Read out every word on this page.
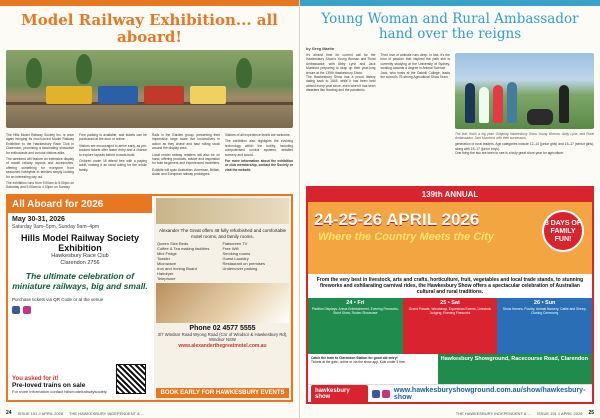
Model Railway Exhibition... all aboard!

The Hills Model Railway Society Inc. is once again bringing its much-loved Model Railway Exhibition to the Hawkesbury Race Club in Clarendon, promising a fascinating showcase for enthusiasts and curious visitors alike.

The weekend will feature an extensive display of model railway layouts and accessories, offering something for everyone from seasoned hobbyists to families simply looking for an interesting day out.

The exhibition runs from 9.00am to 5.00pm on Saturday and 9.00am to 4.00pm on Sunday.

Free parking is available, and tickets can be purchased at the door or online.

Visitors are encouraged to arrive early, as pre-booked tickets offer faster entry and a chance to explore layouts before crowds build.

Children under 16 attend free with a paying adult, making it an ideal outing for the whole family.

Rails in the Garden group, presenting their impressive large scale live locomotives in action as they chase and haul rolling stock around the display area.

Local model railway retailers will also be on hand, offering products, advice and inspiration for both beginners and experienced modellers.

Exhibits will span Australian, American, British, Asian and European railway prototypes.

Visitors of all experience levels are welcome.

The exhibition also highlights the evolving technology within the hobby, including computerised control systems, detailed scenery and sound.

For more information about the exhibition or club membership, contact the Society or visit the website.

All Aboard for 2026
May 30-31, 2026
Saturday 9am–5pm, Sunday 9am–4pm
Hills Model Railway Society Exhibition
Hawkesbury Race Club
Clarendon 2756
The ultimate celebration of miniature railways, big and small.
Purchase tickets via QR Code or at the venue
You asked for it!
Pre-loved trains on sale
For more information contact hillsmodelrailwaysociety
Alexander The Great offers 48 fully refurbished and comfortable motel rooms, and family rooms.
Queen Size Beds
Coffee & Tea making facilities
Mini Fridge
Toaster
Microwave
Iron and Ironing Board
Hairdryer
Telephone
Flatscreen TV
Free Wifi
Smoking rooms
Guest Laundry
Restaurant on premises
Undercover parking
Phone 02 4577 5555
3/7 Windsor Road Wyong Road (Cnr of Windsor & Hawkesbury Rd), Windsor NSW
www.alexanderthegreatmotel.com.au
BOOK EARLY FOR HAWKESBURY EVENTS
24 ISSUE 191 // APRIL 2026 THE HAWKESBURY INDEPENDENT & ...
Young Woman and Rural Ambassador hand over the reigns
by Greg Martin

It's almost time for current call for the Hawkesbury Show's Young Woman and Rural Ambassador, with Abby Lyne and Jack Mumford preparing to wrap up their year-long tenure at the 139th Hawkesbury Show.

The Hawkesbury Show has a proud history dating back to 1845, while it has been held almost every year since, even when it has seen disasters like flooding and the pandemic.

Their love of animals runs deep. In fact, it's the kind of passion that inspired the path she is currently studying at the University of Sydney, working towards a degree in Animal Science.

Jack, who hosts at the Oakhill College, leads the school's 75-strong Agricultural Show Team.

The leaf, that's a big year! Outgoing Hawkesbury Show Young Woman, Abby Lyne, and Rural Ambassador, Jack Mumford, with their successors.

generation of rural leaders. Age categories include 12–14 (junior girls) and 15–17 (senior girls), along with 15–17 (junior boys).

One thing the two are keen to see is a truly great show year for agriculture.

139th ANNUAL
24-25-26 APRIL 2026
Where the Country Meets the City
3 DAYS OF FAMILY FUN!
From the very best in livestock, arts and crafts, horticulture, fruit, vegetables and local trade stands, to stunning fireworks and exhilarating carnival rides, the Hawkesbury Show offers a spectacular celebration of Australian cultural and rural traditions.
24 • Fri

Pavilion Displays, Arena Entertainment, Evening Fireworks, Stunt Show, Rodeo Showcase

25 • Sat

Grand Parade, Woodchop, Equestrian Events, Livestock Judging, Evening Fireworks

26 • Sun

Show Horses, Poultry, Animal Nursery, Cattle and Sheep, Closing Ceremony

Catch the train to Clarendon Station for good old entry!
Tickets at the gate, online or via the show app. Kids under 5 free.
Hawkesbury Showground, Racecourse Road, Clarendon
hawkesbury show
www.hawkesburyshowground.com.au/show/hawkesbury-show
THE HAWKESBURY INDEPENDENT & ... ISSUE 191 // APRIL 2026 25
